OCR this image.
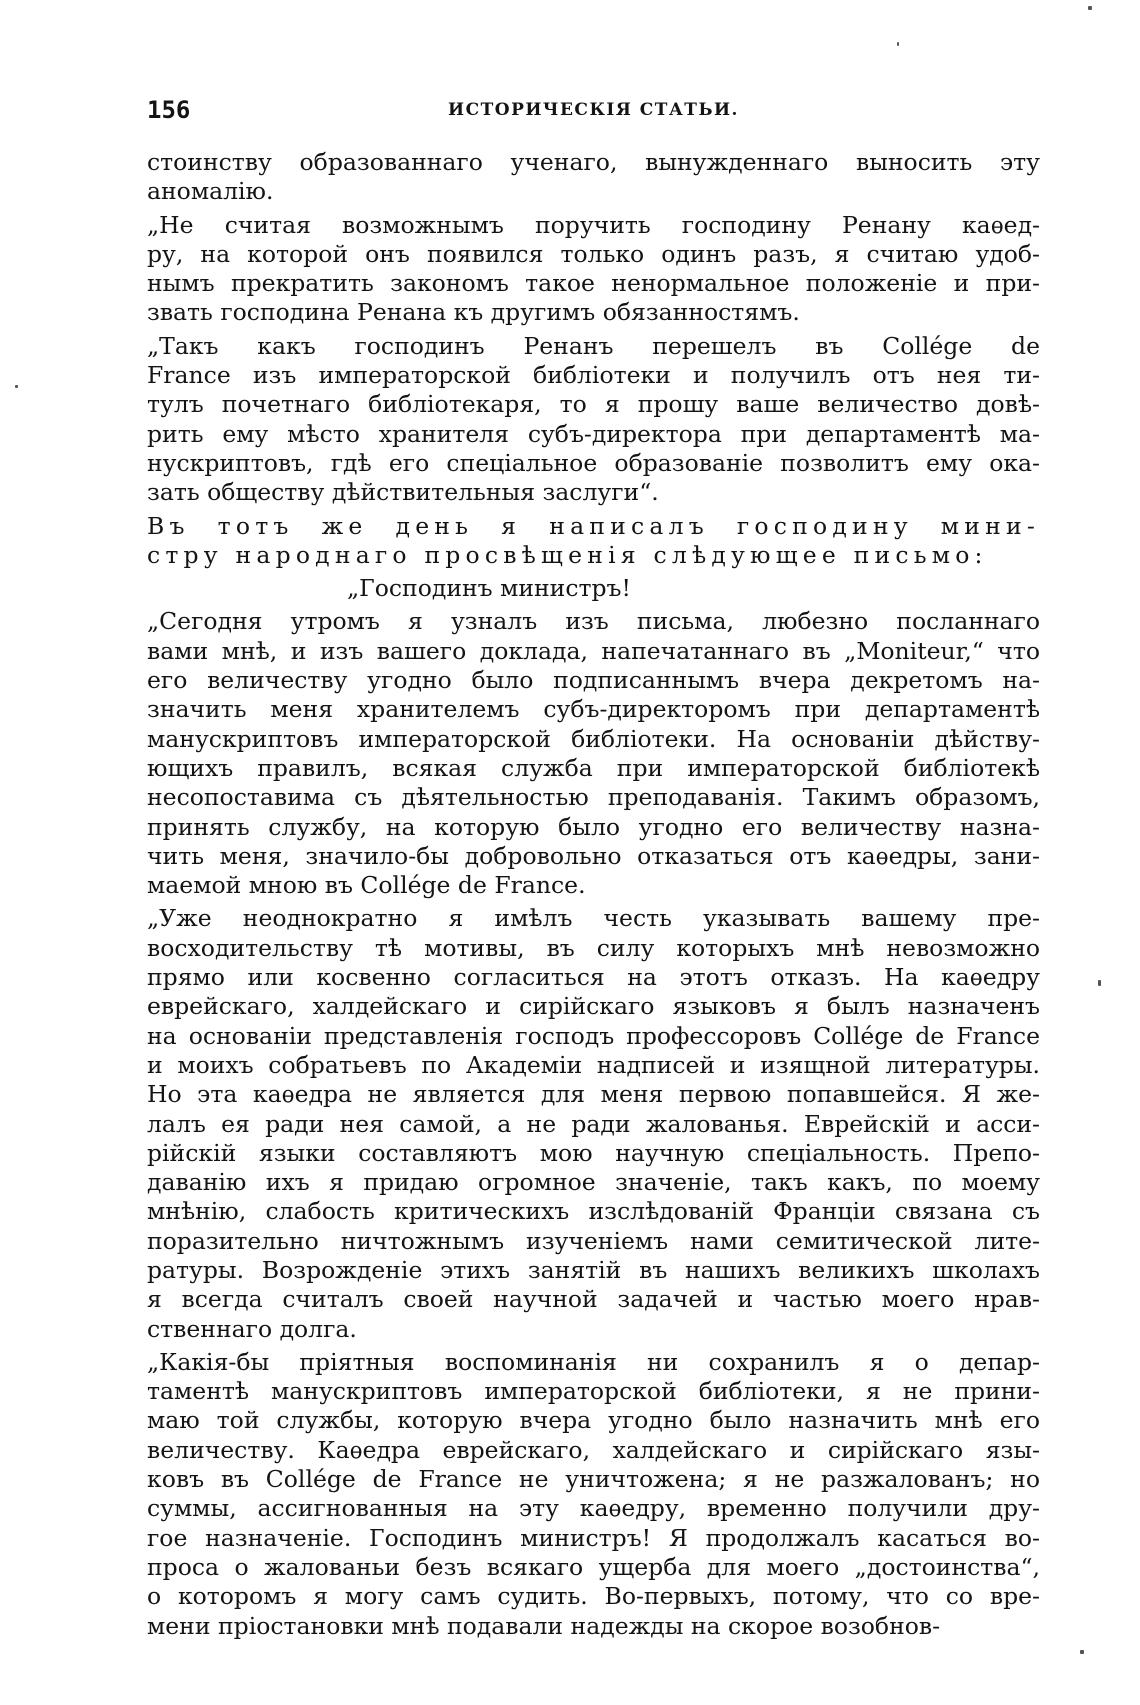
156	ИСТОРИЧЕСКІЯ СТАТЬИ.
стоинству образованнаго ученаго, вынужденнаго выносить эту
аномалію.
„Не считая возможнымъ поручить господину Ренану каѳед-
ру, на которой онъ появился только одинъ разъ, я считаю удоб-
нымъ прекратить закономъ такое ненормальное положеніе и при-
звать господина Ренана къ другимъ обязанностямъ.
„Такъ какъ господинъ Ренанъ перешелъ въ Collége de
France изъ императорской библіотеки и получилъ отъ нея ти-
тулъ почетнаго библіотекаря, то я прошу ваше величество довѣ-
рить ему мѣсто хранителя субъ-директора при департаментѣ ма-
нускриптовъ, гдѣ его спеціальное образованіе позволитъ ему ока-
зать обществу дѣйствительныя заслуги“.
Въ тотъ же день я написалъ господину мини-
стру народнаго просвѣщенія слѣдующее письмо:
„Господинъ министръ!
„Сегодня утромъ я узналъ изъ письма, любезно посланнаго
вами мнѣ, и изъ вашего доклада, напечатаннаго въ „Moniteur,“ что
его величеству угодно было подписаннымъ вчера декретомъ на-
значить меня хранителемъ субъ-директоромъ при департаментѣ
манускриптовъ императорской библіотеки. На основаніи дѣйству-
ющихъ правилъ, всякая служба при императорской библіотекѣ
несопоставима съ дѣятельностью преподаванія. Такимъ образомъ,
принять службу, на которую было угодно его величеству назна-
чить меня, значило-бы добровольно отказаться отъ каѳедры, зани-
маемой мною въ Collége de France.
„Уже неоднократно я имѣлъ честь указывать вашему пре-
восходительству тѣ мотивы, въ силу которыхъ мнѣ невозможно
прямо или косвенно согласиться на этотъ отказъ. На каѳедру
еврейскаго, халдейскаго и сирійскаго языковъ я былъ назначенъ
на основаніи представленія господъ профессоровъ Collége de France
и моихъ собратьевъ по Академіи надписей и изящной литературы.
Но эта каѳедра не является для меня первою попавшейся. Я же-
лалъ ея ради нея самой, а не ради жалованья. Еврейскій и асси-
рійскій языки составляютъ мою научную спеціальность. Препо-
даванію ихъ я придаю огромное значеніе, такъ какъ, по моему
мнѣнію, слабость критическихъ изслѣдованій Франціи связана съ
поразительно ничтожнымъ изученіемъ нами семитической лите-
ратуры. Возрожденіе этихъ занятій въ нашихъ великихъ школахъ
я всегда считалъ своей научной задачей и частью моего нрав-
ственнаго долга.
„Какія-бы пріятныя воспоминанія ни сохранилъ я о депар-
таментѣ манускриптовъ императорской библіотеки, я не прини-
маю той службы, которую вчера угодно было назначить мнѣ его
величеству. Каѳедра еврейскаго, халдейскаго и сирійскаго язы-
ковъ въ Collége de France не уничтожена; я не разжалованъ; но
суммы, ассигнованныя на эту каѳедру, временно получили дру-
гое назначеніе. Господинъ министръ! Я продолжалъ касаться во-
проса о жалованьи безъ всякаго ущерба для моего „достоинства“,
о которомъ я могу самъ судить. Во-первыхъ, потому, что со вре-
мени пріостановки мнѣ подавали надежды на скорое возобнов-
